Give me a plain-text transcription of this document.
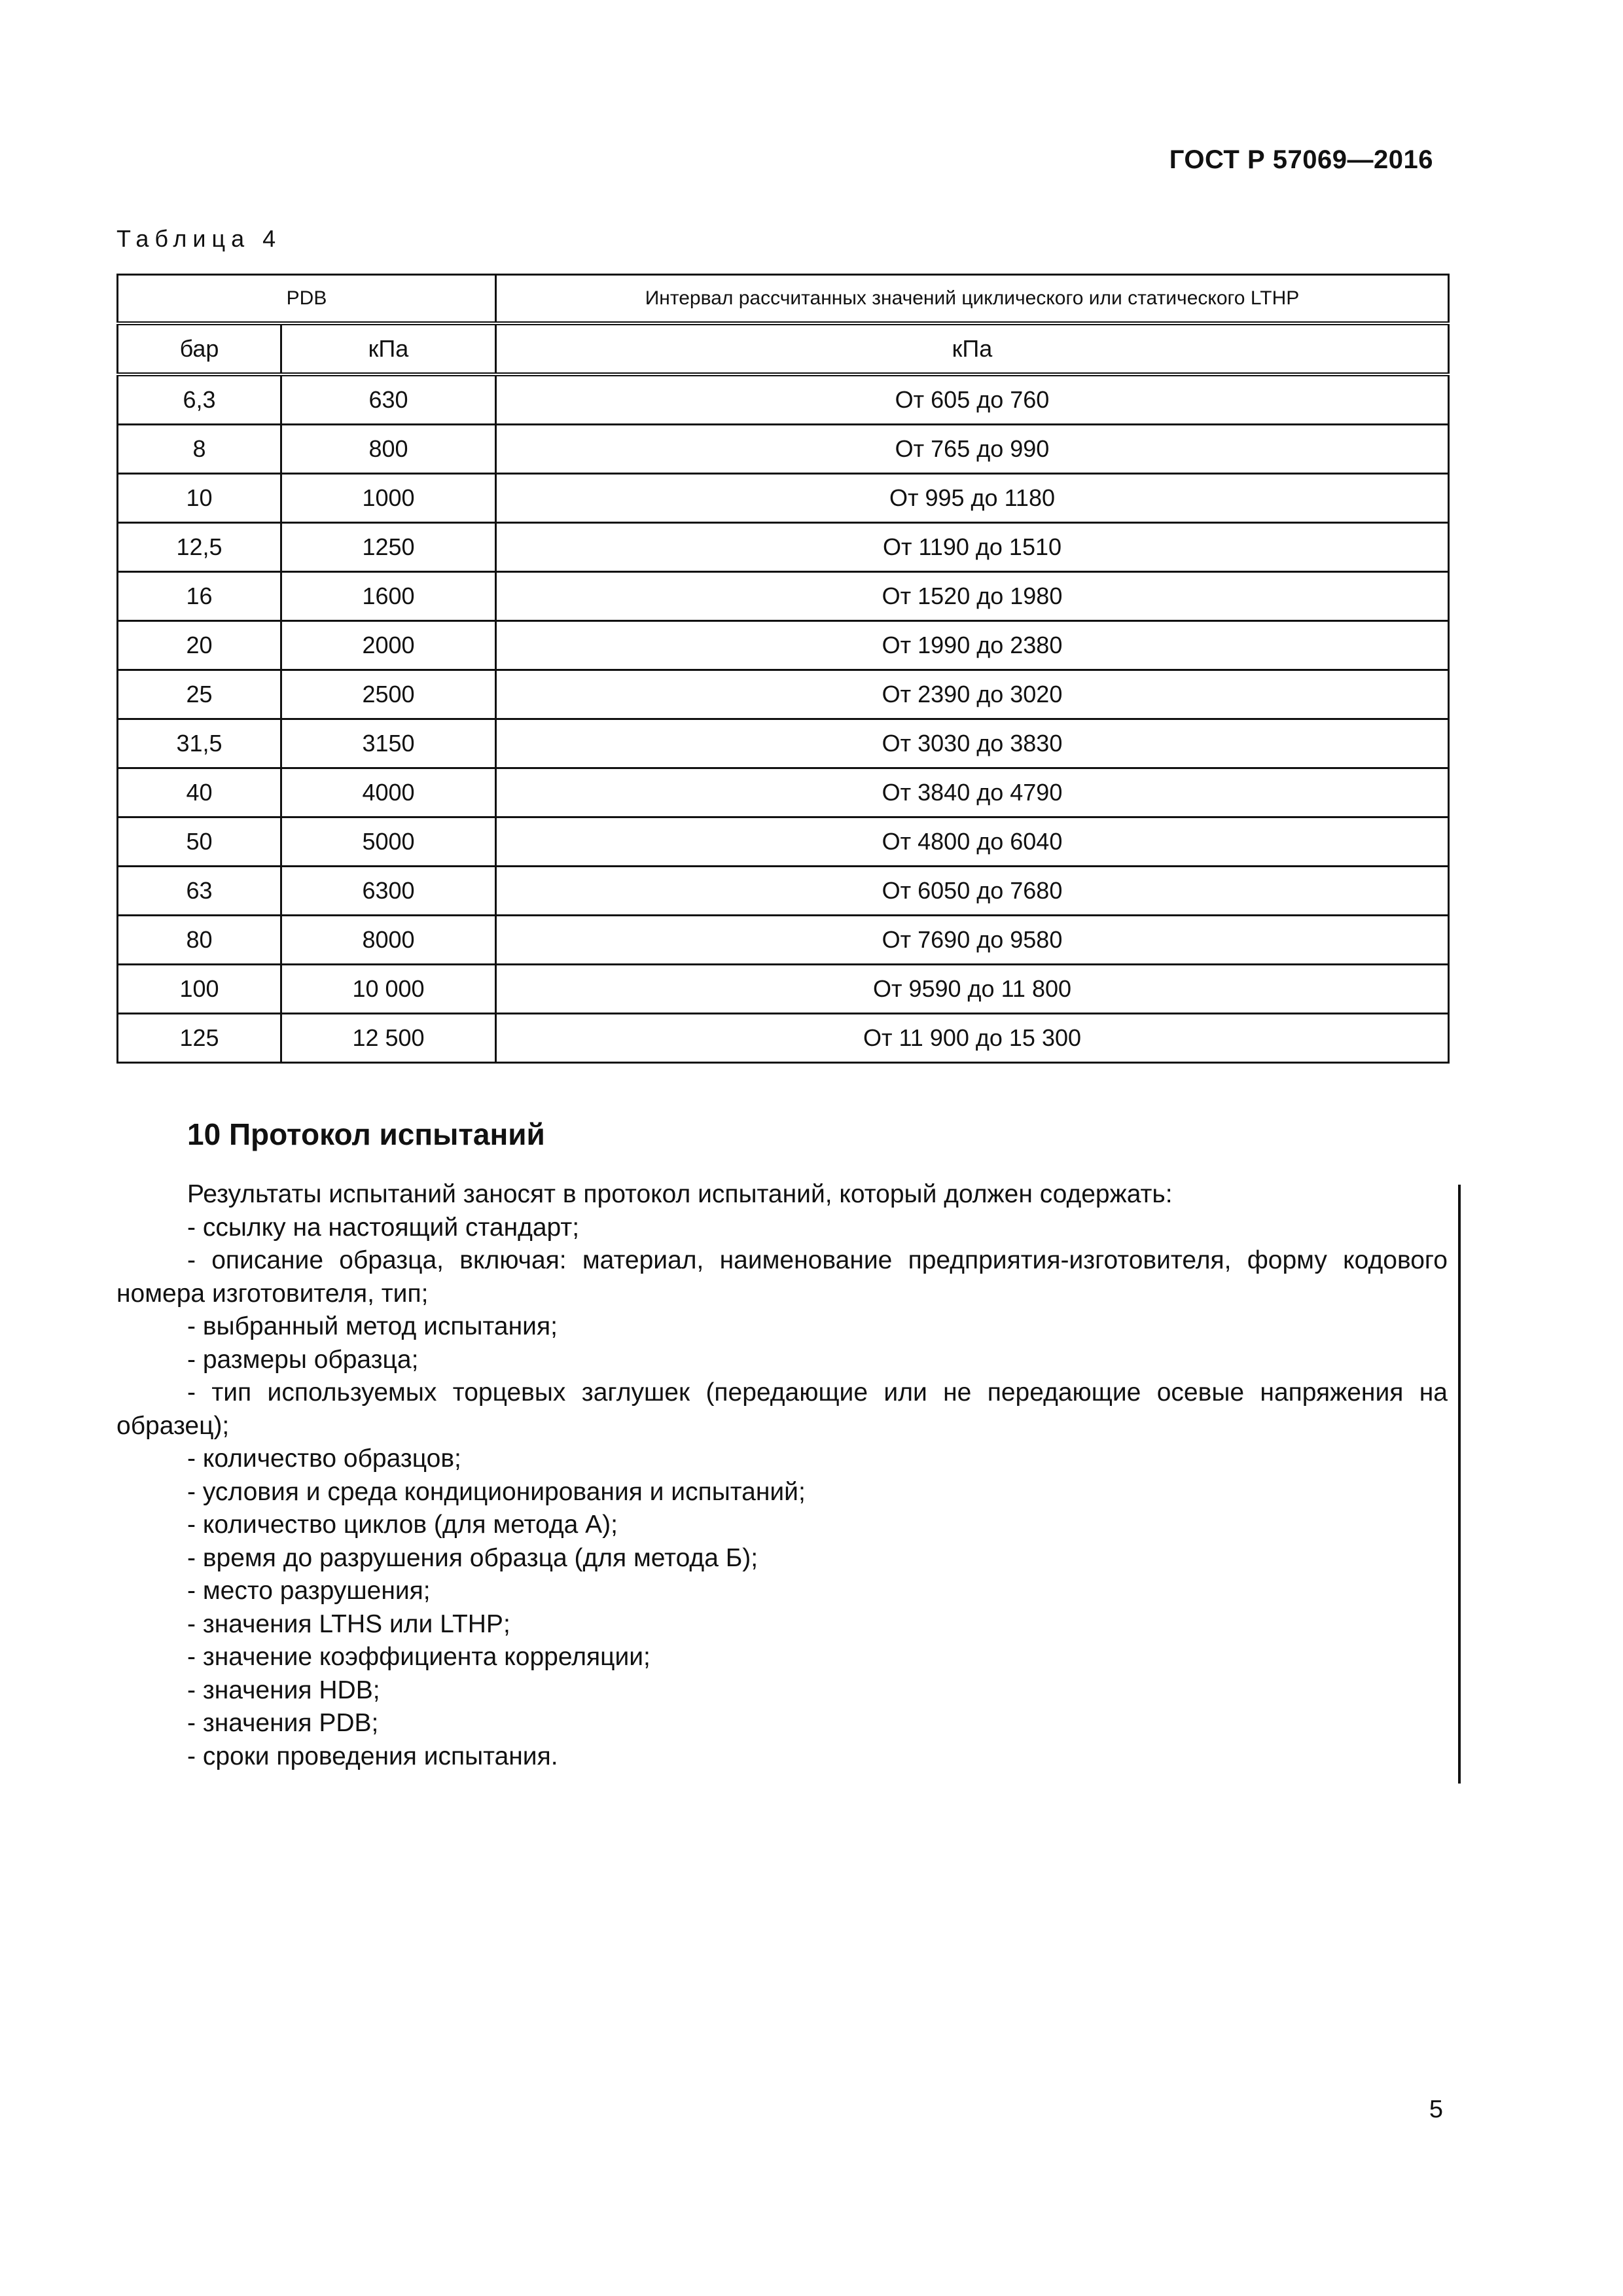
ГОСТ Р 57069—2016
Таблица 4
PDB		Интервал рассчитанных значений циклического или статического LTHP
бар	кПа	кПа
6,3	630	От 605 до 760
8	800	От 765 до 990
10	1000	От 995 до 1180
12,5	1250	От 1190 до 1510
16	1600	От 1520 до 1980
20	2000	От 1990 до 2380
25	2500	От 2390 до 3020
31,5	3150	От 3030 до 3830
40	4000	От 3840 до 4790
50	5000	От 4800 до 6040
63	6300	От 6050 до 7680
80	8000	От 7690 до 9580
100	10 000	От 9590 до 11 800
125	12 500	От 11 900 до 15 300
10 Протокол испытаний

Результаты испытаний заносят в протокол испытаний, который должен содержать:

- ссылку на настоящий стандарт;

- описание образца, включая: материал, наименование предприятия-изготовителя, форму кодового номера изготовителя, тип;

- выбранный метод испытания;

- размеры образца;

- тип используемых торцевых заглушек (передающие или не передающие осевые напряжения на образец);

- количество образцов;

- условия и среда кондиционирования и испытаний;

- количество циклов (для метода А);

- время до разрушения образца (для метода Б);

- место разрушения;

- значения LTHS или LTHP;

- значение коэффициента корреляции;

- значения HDB;

- значения PDB;

- сроки проведения испытания.

5
